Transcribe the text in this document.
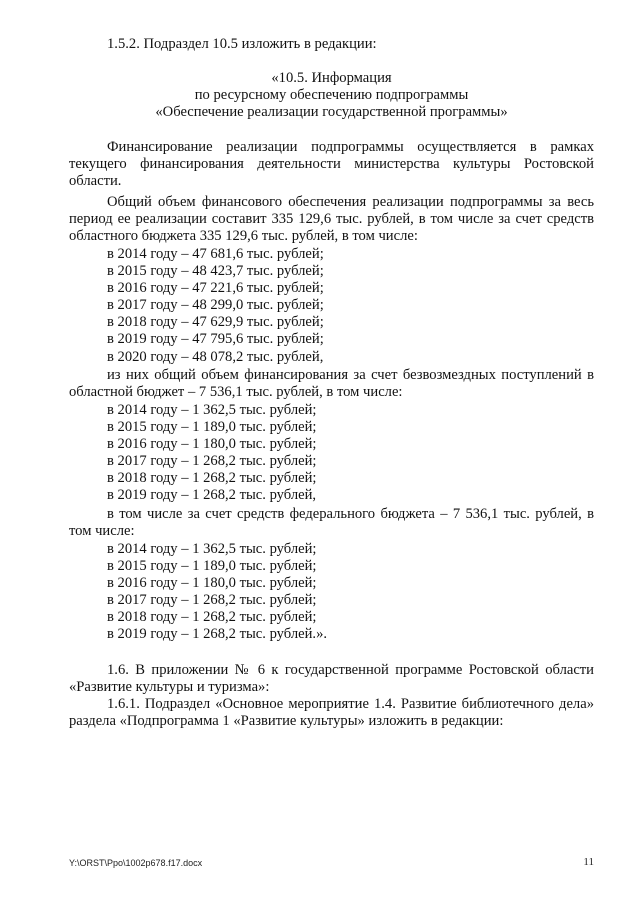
1.5.2. Подраздел 10.5 изложить в редакции:

«10.5. Информация
по ресурсному обеспечению подпрограммы
«Обеспечение реализации государственной программы»

Финансирование реализации подпрограммы осуществляется в рамках текущего финансирования деятельности министерства культуры Ростовской области.

Общий объем финансового обеспечения реализации подпрограммы за весь период ее реализации составит 335 129,6 тыс. рублей, в том числе за счет средств областного бюджета 335 129,6 тыс. рублей, в том числе:

в 2014 году – 47 681,6 тыс. рублей;
в 2015 году – 48 423,7 тыс. рублей;
в 2016 году – 47 221,6 тыс. рублей;
в 2017 году – 48 299,0 тыс. рублей;
в 2018 году – 47 629,9 тыс. рублей;
в 2019 году – 47 795,6 тыс. рублей;
в 2020 году – 48 078,2 тыс. рублей,

из них общий объем финансирования за счет безвозмездных поступлений в областной бюджет – 7 536,1 тыс. рублей, в том числе:

в 2014 году – 1 362,5 тыс. рублей;
в 2015 году – 1 189,0 тыс. рублей;
в 2016 году – 1 180,0 тыс. рублей;
в 2017 году – 1 268,2 тыс. рублей;
в 2018 году – 1 268,2 тыс. рублей;
в 2019 году – 1 268,2 тыс. рублей,

в том числе за счет средств федерального бюджета – 7 536,1 тыс. рублей, в том числе:

в 2014 году – 1 362,5 тыс. рублей;
в 2015 году – 1 189,0 тыс. рублей;
в 2016 году – 1 180,0 тыс. рублей;
в 2017 году – 1 268,2 тыс. рублей;
в 2018 году – 1 268,2 тыс. рублей;
в 2019 году – 1 268,2 тыс. рублей.».

1.6. В приложении № 6 к государственной программе Ростовской области «Развитие культуры и туризма»:

1.6.1. Подраздел «Основное мероприятие 1.4. Развитие библиотечного дела» раздела «Подпрограмма 1 «Развитие культуры» изложить в редакции:

Y:\ORST\Ppo\1002p678.f17.docx	11
